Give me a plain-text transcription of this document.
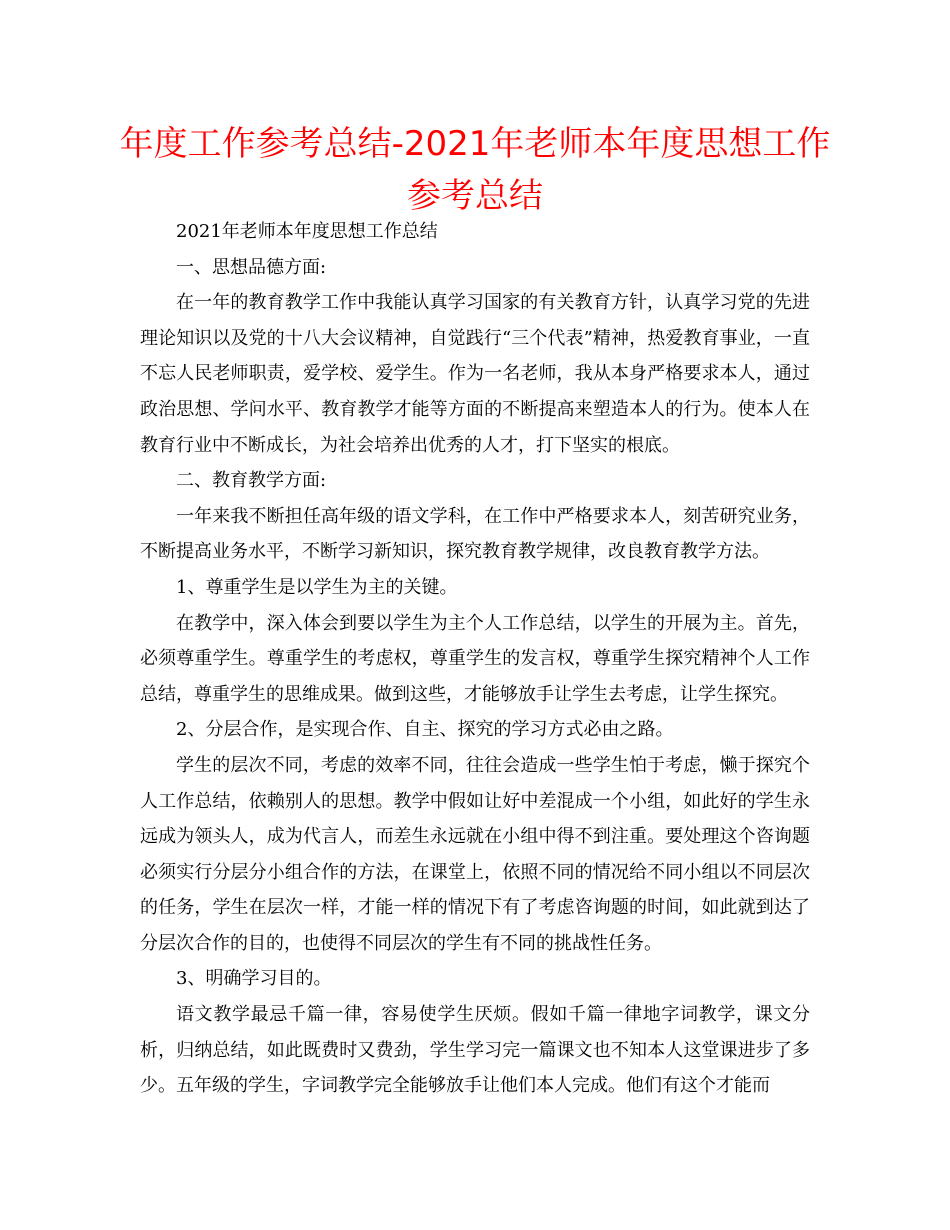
年度工作参考总结-2021年老师本年度思想工作参考总结

2021年老师本年度思想工作总结

一、思想品德方面:

在一年的教育教学工作中我能认真学习国家的有关教育方针，认真学习党的先进理论知识以及党的十八大会议精神，自觉践行“三个代表”精神，热爱教育事业，一直不忘人民老师职责，爱学校、爱学生。作为一名老师，我从本身严格要求本人，通过政治思想、学问水平、教育教学才能等方面的不断提高来塑造本人的行为。使本人在教育行业中不断成长，为社会培养出优秀的人才，打下坚实的根底。

二、教育教学方面:

一年来我不断担任高年级的语文学科，在工作中严格要求本人，刻苦研究业务，不断提高业务水平，不断学习新知识，探究教育教学规律，改良教育教学方法。

1、尊重学生是以学生为主的关键。

在教学中，深入体会到要以学生为主个人工作总结，以学生的开展为主。首先，必须尊重学生。尊重学生的考虑权，尊重学生的发言权，尊重学生探究精神个人工作总结，尊重学生的思维成果。做到这些，才能够放手让学生去考虑，让学生探究。

2、分层合作，是实现合作、自主、探究的学习方式必由之路。

学生的层次不同，考虑的效率不同，往往会造成一些学生怕于考虑，懒于探究个人工作总结，依赖别人的思想。教学中假如让好中差混成一个小组，如此好的学生永远成为领头人，成为代言人，而差生永远就在小组中得不到注重。要处理这个咨询题必须实行分层分小组合作的方法，在课堂上，依照不同的情况给不同小组以不同层次的任务，学生在层次一样，才能一样的情况下有了考虑咨询题的时间，如此就到达了分层次合作的目的，也使得不同层次的学生有不同的挑战性任务。

3、明确学习目的。

语文教学最忌千篇一律，容易使学生厌烦。假如千篇一律地字词教学，课文分析，归纳总结，如此既费时又费劲，学生学习完一篇课文也不知本人这堂课进步了多少。五年级的学生，字词教学完全能够放手让他们本人完成。他们有这个才能而
